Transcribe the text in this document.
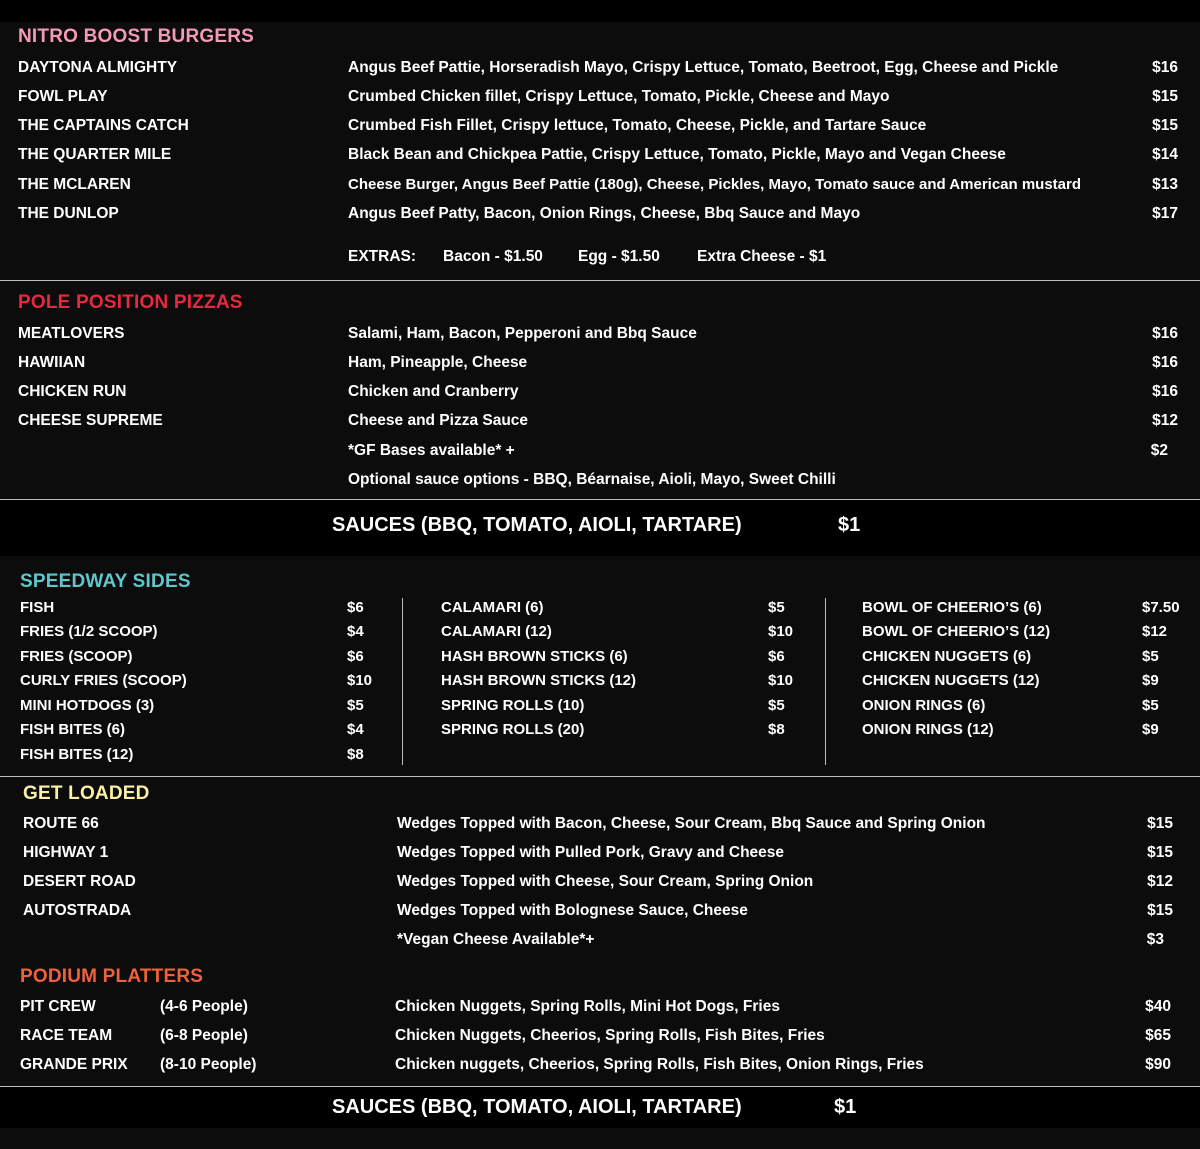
NITRO BOOST BURGERS
DAYTONA ALMIGHTY	Angus Beef Pattie, Horseradish Mayo, Crispy Lettuce, Tomato, Beetroot, Egg, Cheese and Pickle	$16
FOWL PLAY	Crumbed Chicken fillet, Crispy Lettuce, Tomato, Pickle, Cheese and Mayo	$15
THE CAPTAINS CATCH	Crumbed Fish Fillet, Crispy lettuce, Tomato, Cheese, Pickle, and Tartare Sauce	$15
THE QUARTER MILE	Black Bean and Chickpea Pattie, Crispy Lettuce, Tomato, Pickle, Mayo and Vegan Cheese	$14
THE MCLAREN	Cheese Burger, Angus Beef Pattie (180g), Cheese, Pickles, Mayo, Tomato sauce and American mustard	$13
THE DUNLOP	Angus Beef Patty, Bacon, Onion Rings, Cheese, Bbq Sauce and Mayo	$17
EXTRAS: Bacon - $1.50 Egg - $1.50 Extra Cheese - $1
POLE POSITION PIZZAS
MEATLOVERS	Salami, Ham, Bacon, Pepperoni and Bbq Sauce	$16
HAWIIAN	Ham, Pineapple, Cheese	$16
CHICKEN RUN	Chicken and Cranberry	$16
CHEESE SUPREME	Cheese and Pizza Sauce	$12
*GF Bases available* +	$2
Optional sauce options - BBQ, Béarnaise, Aioli, Mayo, Sweet Chilli
SAUCES (BBQ, TOMATO, AIOLI, TARTARE)	$1
SPEEDWAY SIDES
FISH	$6
FRIES (1/2 SCOOP)	$4
FRIES (SCOOP)	$6
CURLY FRIES (SCOOP)	$10
MINI HOTDOGS (3)	$5
FISH BITES (6)	$4
FISH BITES (12)	$8
CALAMARI (6)	$5
CALAMARI (12)	$10
HASH BROWN STICKS (6)	$6
HASH BROWN STICKS (12)	$10
SPRING ROLLS (10)	$5
SPRING ROLLS (20)	$8
BOWL OF CHEERIO’S (6)	$7.50
BOWL OF CHEERIO’S (12)	$12
CHICKEN NUGGETS (6)	$5
CHICKEN NUGGETS (12)	$9
ONION RINGS (6)	$5
ONION RINGS (12)	$9
GET LOADED
ROUTE 66	Wedges Topped with Bacon, Cheese, Sour Cream, Bbq Sauce and Spring Onion	$15
HIGHWAY 1	Wedges Topped with Pulled Pork, Gravy and Cheese	$15
DESERT ROAD	Wedges Topped with Cheese, Sour Cream, Spring Onion	$12
AUTOSTRADA	Wedges Topped with Bolognese Sauce, Cheese	$15
*Vegan Cheese Available*+	$3
PODIUM PLATTERS
PIT CREW	(4-6 People)	Chicken Nuggets, Spring Rolls, Mini Hot Dogs, Fries	$40
RACE TEAM	(6-8 People)	Chicken Nuggets, Cheerios, Spring Rolls, Fish Bites, Fries	$65
GRANDE PRIX (8-10 People)	Chicken nuggets, Cheerios, Spring Rolls, Fish Bites, Onion Rings, Fries	$90
SAUCES (BBQ, TOMATO, AIOLI, TARTARE)	$1
